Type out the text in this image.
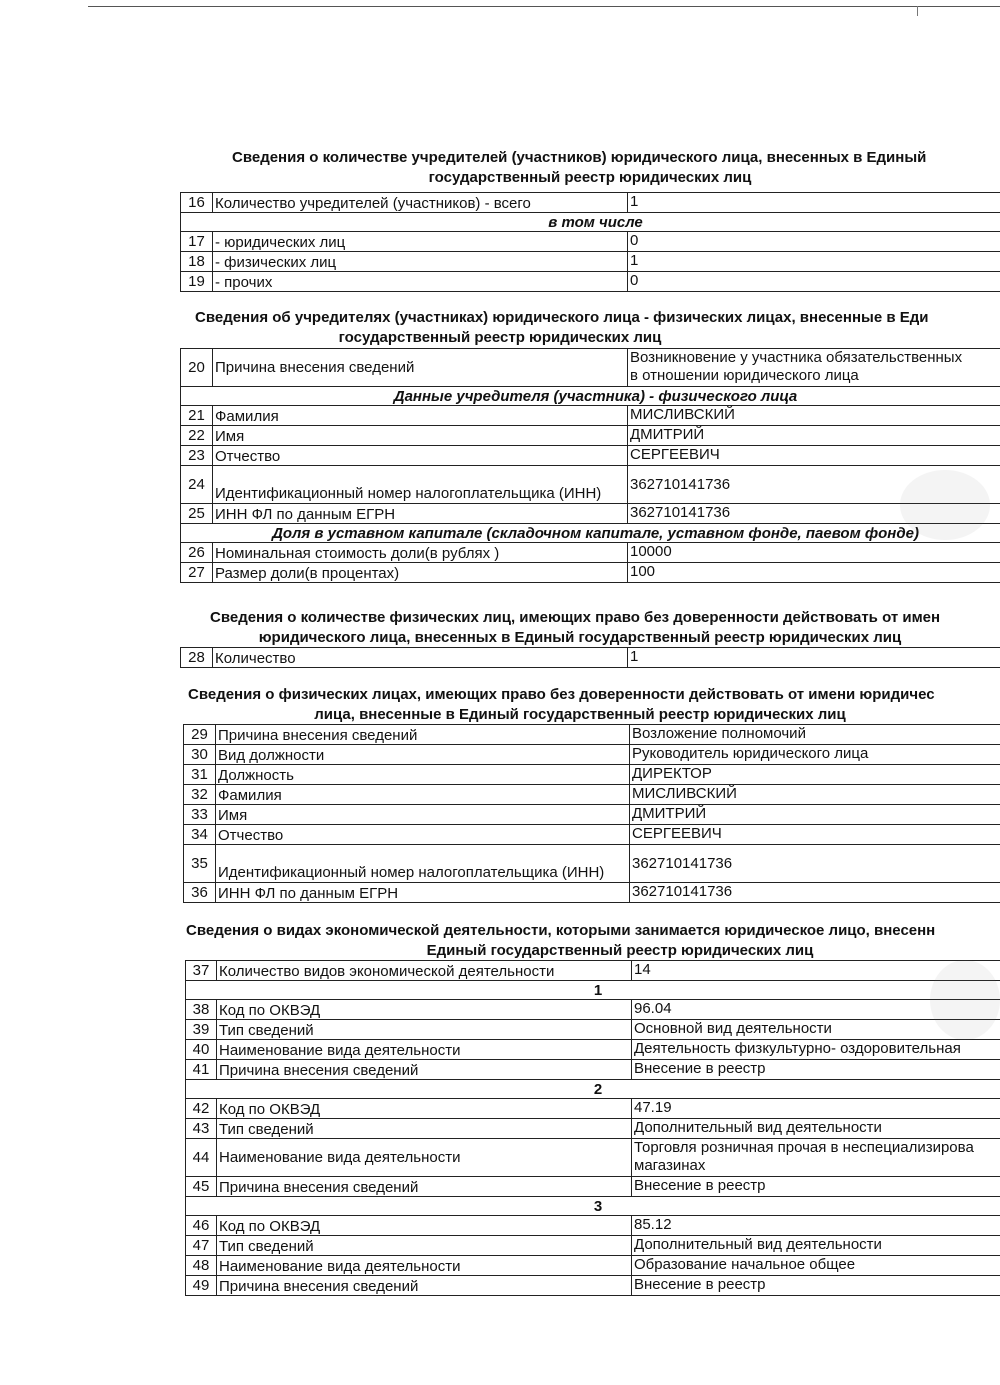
Сведения о количестве учредителей (участников) юридического лица, внесенных в Единый
государственный реестр юридических лиц
16	Количество учредителей (участников) - всего	1
в том числе		
17	- юридических лиц	0
18	- физических лиц	1
19	- прочих	0
Сведения об учредителях (участниках) юридического лица - физических лицах, внесенные в Еди
государственный реестр юридических лиц
20	Причина внесения сведений	Возникновение у участника обязательственных
в отношении юридического лица
Данные учредителя (участника) - физического лица		
21	Фамилия	МИСЛИВСКИЙ
22	Имя	ДМИТРИЙ
23	Отчество	СЕРГЕЕВИЧ
24	Идентификационный номер налогоплательщика (ИНН)	362710141736
25	ИНН ФЛ по данным ЕГРН	362710141736
Доля в уставном капитале (складочном капитале, уставном фонде, паевом фонде)		
26	Номинальная стоимость доли(в рублях )	10000
27	Размер доли(в процентах)	100
Сведения о количестве физических лиц, имеющих право без доверенности действовать от имен
юридического лица, внесенных в Единый государственный реестр юридических лиц
28	Количество	1
Сведения о физических лицах, имеющих право без доверенности действовать от имени юридичес
лица, внесенные в Единый государственный реестр юридических лиц
29	Причина внесения сведений	Возложение полномочий
30	Вид должности	Руководитель юридического лица
31	Должность	ДИРЕКТОР
32	Фамилия	МИСЛИВСКИЙ
33	Имя	ДМИТРИЙ
34	Отчество	СЕРГЕЕВИЧ
35	Идентификационный номер налогоплательщика (ИНН)	362710141736
36	ИНН ФЛ по данным ЕГРН	362710141736
Сведения о видах экономической деятельности, которыми занимается юридическое лицо, внесенн
Единый государственный реестр юридических лиц
37	Количество видов экономической деятельности	14
1		
38	Код по ОКВЭД	96.04
39	Тип сведений	Основной вид деятельности
40	Наименование вида деятельности	Деятельность физкультурно- оздоровительная
41	Причина внесения сведений	Внесение в реестр
2		
42	Код по ОКВЭД	47.19
43	Тип сведений	Дополнительный вид деятельности
44	Наименование вида деятельности	Торговля розничная прочая в неспециализирова
магазинах
45	Причина внесения сведений	Внесение в реестр
3		
46	Код по ОКВЭД	85.12
47	Тип сведений	Дополнительный вид деятельности
48	Наименование вида деятельности	Образование начальное общее
49	Причина внесения сведений	Внесение в реестр
